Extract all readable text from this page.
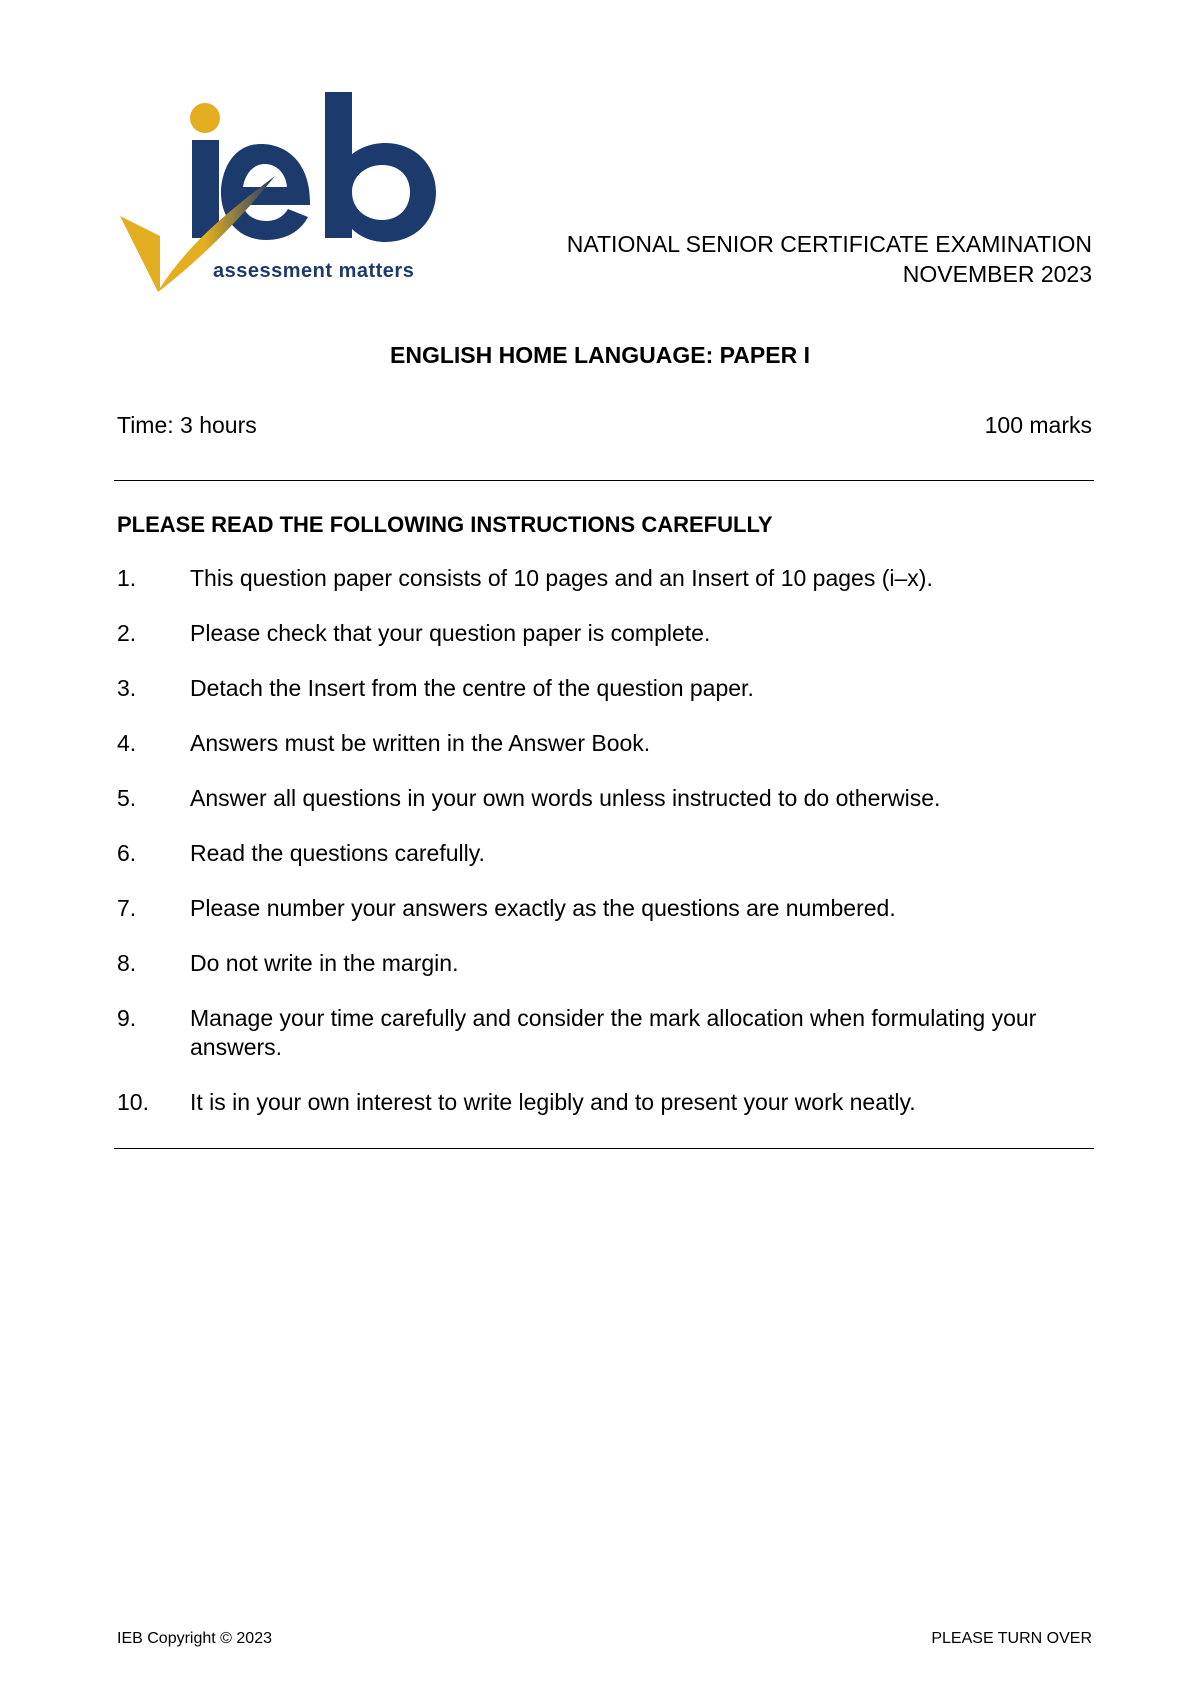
assessment matters
NATIONAL SENIOR CERTIFICATE EXAMINATION
NOVEMBER 2023
ENGLISH HOME LANGUAGE: PAPER I
Time: 3 hours	100 marks
PLEASE READ THE FOLLOWING INSTRUCTIONS CAREFULLY
1.	This question paper consists of 10 pages and an Insert of 10 pages (i–x).
2.	Please check that your question paper is complete.
3.	Detach the Insert from the centre of the question paper.
4.	Answers must be written in the Answer Book.
5.	Answer all questions in your own words unless instructed to do otherwise.
6.	Read the questions carefully.
7.	Please number your answers exactly as the questions are numbered.
8.	Do not write in the margin.
9.	Manage your time carefully and consider the mark allocation when formulating your answers.
10.	It is in your own interest to write legibly and to present your work neatly.
IEB Copyright © 2023	PLEASE TURN OVER
